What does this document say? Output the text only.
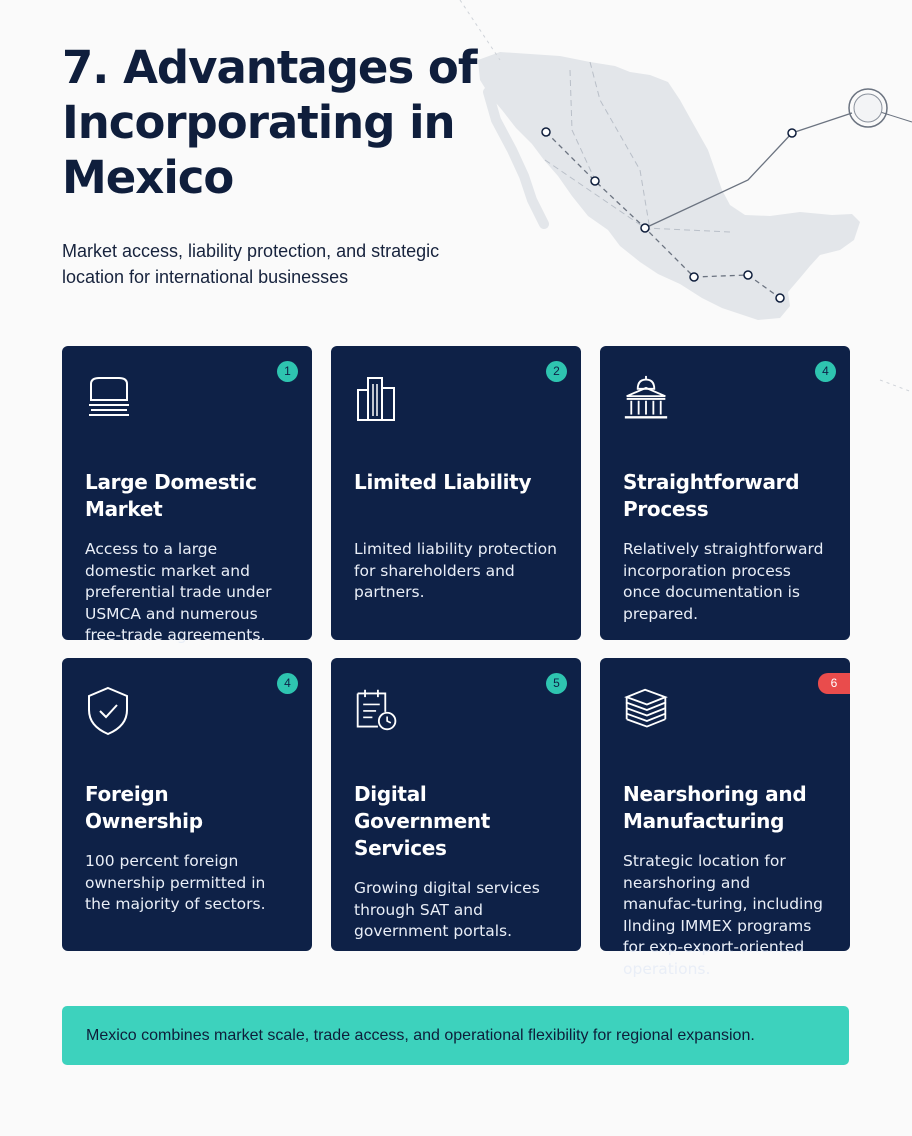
7. Advantages of Incorporating in Mexico

Market access, liability protection, and strategic location for international businesses

1
Large Domestic Market
Access to a large domestic market and preferential trade under USMCA and numerous free-trade agreements.
2
Limited Liability
Limited liability protection for shareholders and partners.
4
Straightforward Process
Relatively straightforward incorporation process once documentation is prepared.
4
Foreign Ownership
100 percent foreign ownership permitted in the majority of sectors.
5
Digital Government Services
Growing digital services through SAT and government portals.
6
Nearshoring and Manufacturing
Strategic location for nearshoring and manufac-turing, including Ilnding IMMEX programs for exp-export-oriented operations.
Mexico combines market scale, trade access, and operational flexibility for regional expansion.
